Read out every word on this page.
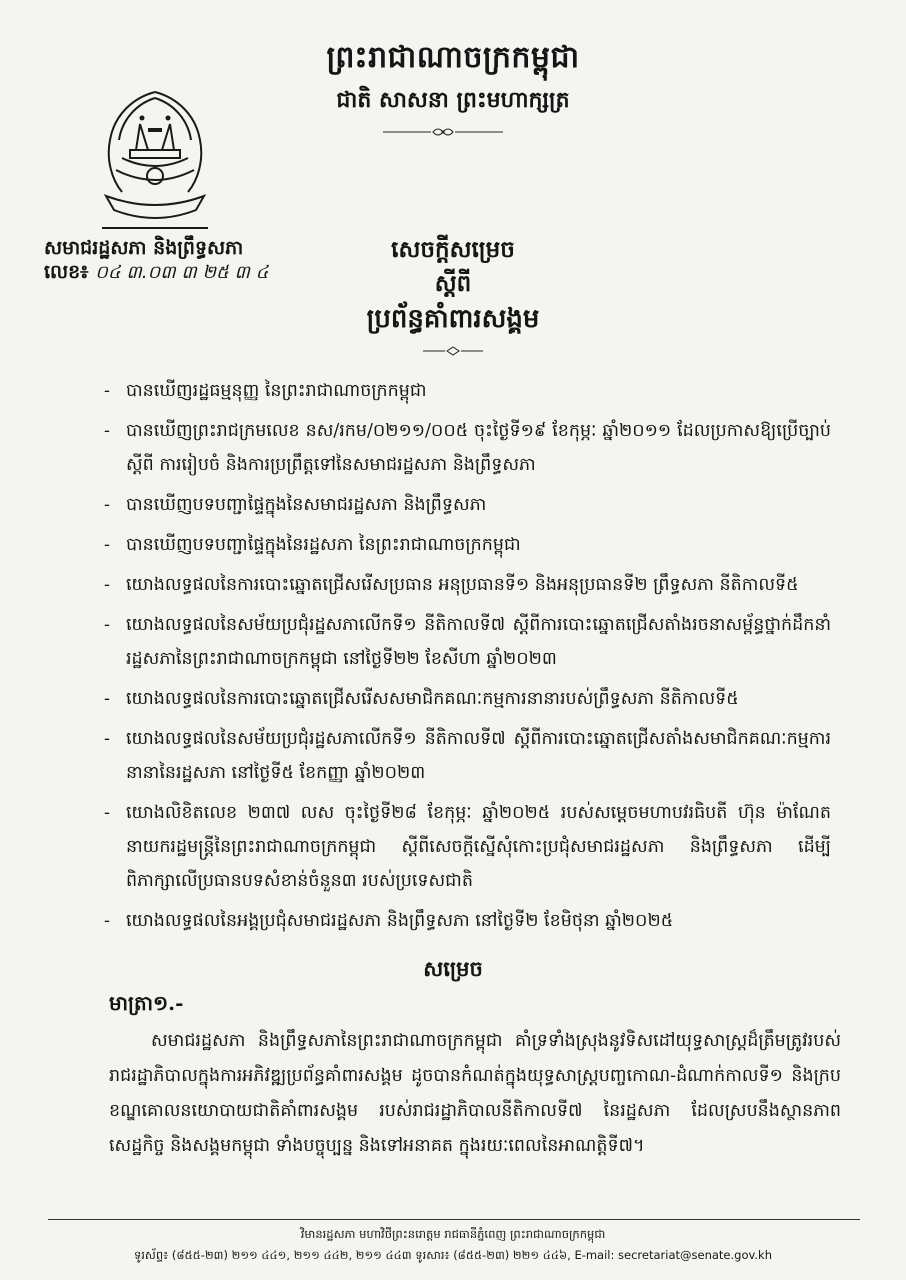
ព្រះរាជាណាចក្រកម្ពុជា
ជាតិ សាសនា ព្រះមហាក្សត្រ
សមាជរដ្ឋសភា និងព្រឹទ្ធសភា
លេខ៖ ០៤ ៣.០៣ ៣ ២៥ ៣ ៤
សេចក្ដីសម្រេច
ស្ដីពី
ប្រព័ន្ធគាំពារសង្គម
- បានឃើញរដ្ឋធម្មនុញ្ញ នៃព្រះរាជាណាចក្រកម្ពុជា
- បានឃើញព្រះរាជក្រមលេខ នស/រកម/០២១១/០០៥ ចុះថ្ងៃទី១៩ ខែកុម្ភៈ ឆ្នាំ២០១១ ដែលប្រកាសឱ្យប្រើច្បាប់ស្ដីពី ការរៀបចំ និងការប្រព្រឹត្តទៅនៃសមាជរដ្ឋសភា និងព្រឹទ្ធសភា
- បានឃើញបទបញ្ជាផ្ទៃក្នុងនៃសមាជរដ្ឋសភា និងព្រឹទ្ធសភា
- បានឃើញបទបញ្ជាផ្ទៃក្នុងនៃរដ្ឋសភា នៃព្រះរាជាណាចក្រកម្ពុជា
- យោងលទ្ធផលនៃការបោះឆ្នោតជ្រើសរើសប្រធាន អនុប្រធានទី១ និងអនុប្រធានទី២ ព្រឹទ្ធសភា នីតិកាលទី៥
- យោងលទ្ធផលនៃសម័យប្រជុំរដ្ឋសភាលើកទី១ នីតិកាលទី៧ ស្ដីពីការបោះឆ្នោតជ្រើសតាំងរចនាសម្ព័ន្ធថ្នាក់ដឹកនាំរដ្ឋសភានៃព្រះរាជាណាចក្រកម្ពុជា នៅថ្ងៃទី២២ ខែសីហា ឆ្នាំ២០២៣
- យោងលទ្ធផលនៃការបោះឆ្នោតជ្រើសរើសសមាជិកគណៈកម្មការនានារបស់ព្រឹទ្ធសភា នីតិកាលទី៥
- យោងលទ្ធផលនៃសម័យប្រជុំរដ្ឋសភាលើកទី១ នីតិកាលទី៧ ស្ដីពីការបោះឆ្នោតជ្រើសតាំងសមាជិកគណៈកម្មការនានានៃរដ្ឋសភា នៅថ្ងៃទី៥ ខែកញ្ញា ឆ្នាំ២០២៣
- យោងលិខិតលេខ ២៣៧ លស ចុះថ្ងៃទី២៨ ខែកុម្ភៈ ឆ្នាំ២០២៥ របស់សម្ដេចមហាបវរធិបតី ហ៊ុន ម៉ាណែត នាយករដ្ឋមន្ត្រីនៃព្រះរាជាណាចក្រកម្ពុជា ស្ដីពីសេចក្ដីស្នើសុំកោះប្រជុំសមាជរដ្ឋសភា និងព្រឹទ្ធសភា ដើម្បីពិភាក្សាលើប្រធានបទសំខាន់ចំនួន៣ របស់ប្រទេសជាតិ
- យោងលទ្ធផលនៃអង្គប្រជុំសមាជរដ្ឋសភា និងព្រឹទ្ធសភា នៅថ្ងៃទី២ ខែមិថុនា ឆ្នាំ២០២៥
សម្រេច
មាត្រា១.-
សមាជរដ្ឋសភា និងព្រឹទ្ធសភានៃព្រះរាជាណាចក្រកម្ពុជា គាំទ្រទាំងស្រុងនូវទិសដៅយុទ្ធសាស្ត្រដ៏ត្រឹមត្រូវរបស់រាជរដ្ឋាភិបាលក្នុងការអភិវឌ្ឍប្រព័ន្ធគាំពារសង្គម ដូចបានកំណត់ក្នុងយុទ្ធសាស្ត្របញ្ចកោណ-ដំណាក់កាលទី១ និងក្របខណ្ឌគោលនយោបាយជាតិគាំពារសង្គម របស់រាជរដ្ឋាភិបាលនីតិកាលទី៧ នៃរដ្ឋសភា ដែលស្របនឹងស្ថានភាពសេដ្ឋកិច្ច និងសង្គមកម្ពុជា ទាំងបច្ចុប្បន្ន និងទៅអនាគត ក្នុងរយៈពេលនៃអាណត្តិទី៧។
វិមានរដ្ឋសភា មហាវិថីព្រះនរោត្តម រាជធានីភ្នំពេញ ព្រះរាជាណាចក្រកម្ពុជា
ទូរស័ព្ទ៖ (៨៥៥-២៣) ២១១ ៤៤១, ២១១ ៤៤២, ២១១ ៤៤៣ ទូរសារ៖ (៨៥៥-២៣) ២២១ ៤៤៦, E-mail: secretariat@senate.gov.kh
